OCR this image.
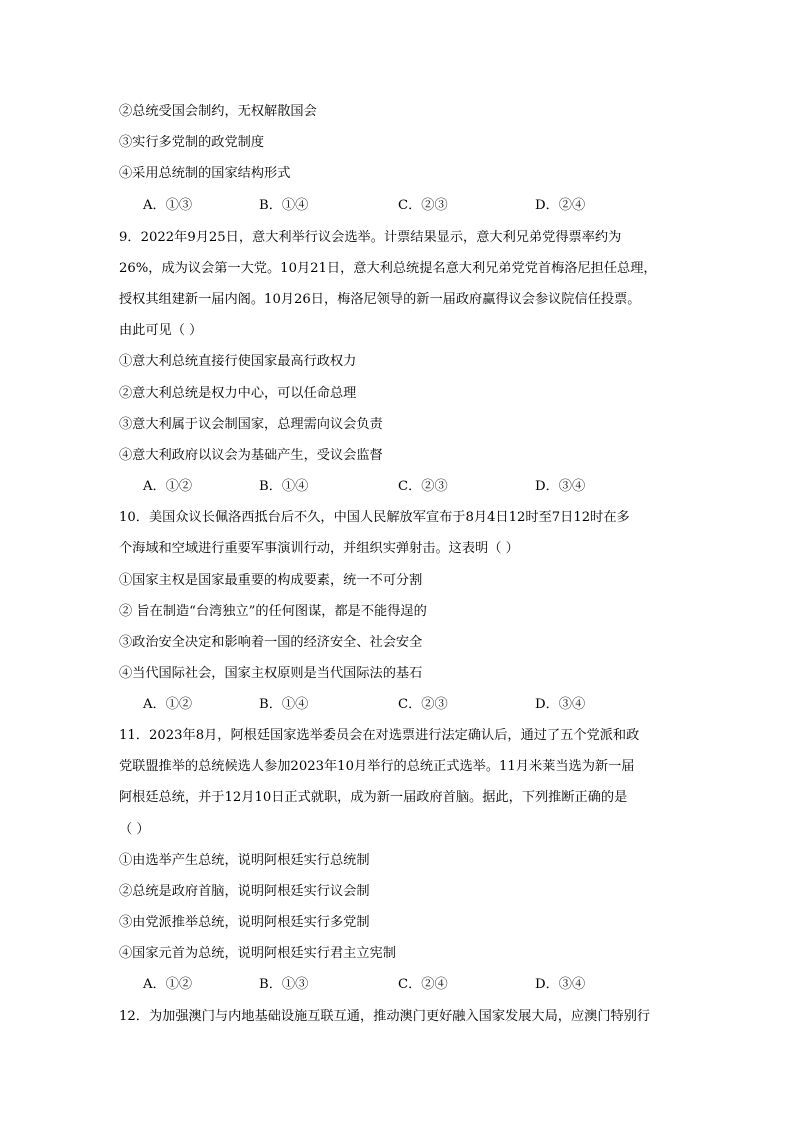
②总统受国会制约，无权解散国会
③实行多党制的政党制度
④采用总统制的国家结构形式
A．①③	B．①④	C．②③	D．②④
9．2022年9月25日，意大利举行议会选举。计票结果显示，意大利兄弟党得票率约为
26%，成为议会第一大党。10月21日，意大利总统提名意大利兄弟党党首梅洛尼担任总理，
授权其组建新一届内阁。10月26日，梅洛尼领导的新一届政府赢得议会参议院信任投票。
由此可见（ ）
①意大利总统直接行使国家最高行政权力
②意大利总统是权力中心，可以任命总理
③意大利属于议会制国家，总理需向议会负责
④意大利政府以议会为基础产生，受议会监督
A．①②	B．①④	C．②③	D．③④
10．美国众议长佩洛西抵台后不久，中国人民解放军宣布于8月4日12时至7日12时在多
个海域和空域进行重要军事演训行动，并组织实弹射击。这表明（ ）
①国家主权是国家最重要的构成要素，统一不可分割
② 旨在制造“台湾独立”的任何图谋，都是不能得逞的
③政治安全决定和影响着一国的经济安全、社会安全
④当代国际社会，国家主权原则是当代国际法的基石
A．①②	B．①④	C．②③	D．③④
11．2023年8月，阿根廷国家选举委员会在对选票进行法定确认后，通过了五个党派和政
党联盟推举的总统候选人参加2023年10月举行的总统正式选举。11月米莱当选为新一届
阿根廷总统，并于12月10日正式就职，成为新一届政府首脑。据此，下列推断正确的是
（ ）
①由选举产生总统，说明阿根廷实行总统制
②总统是政府首脑，说明阿根廷实行议会制
③由党派推举总统，说明阿根廷实行多党制
④国家元首为总统，说明阿根廷实行君主立宪制
A．①②	B．①③	C．②④	D．③④
12．为加强澳门与内地基础设施互联互通，推动澳门更好融入国家发展大局，应澳门特别行
